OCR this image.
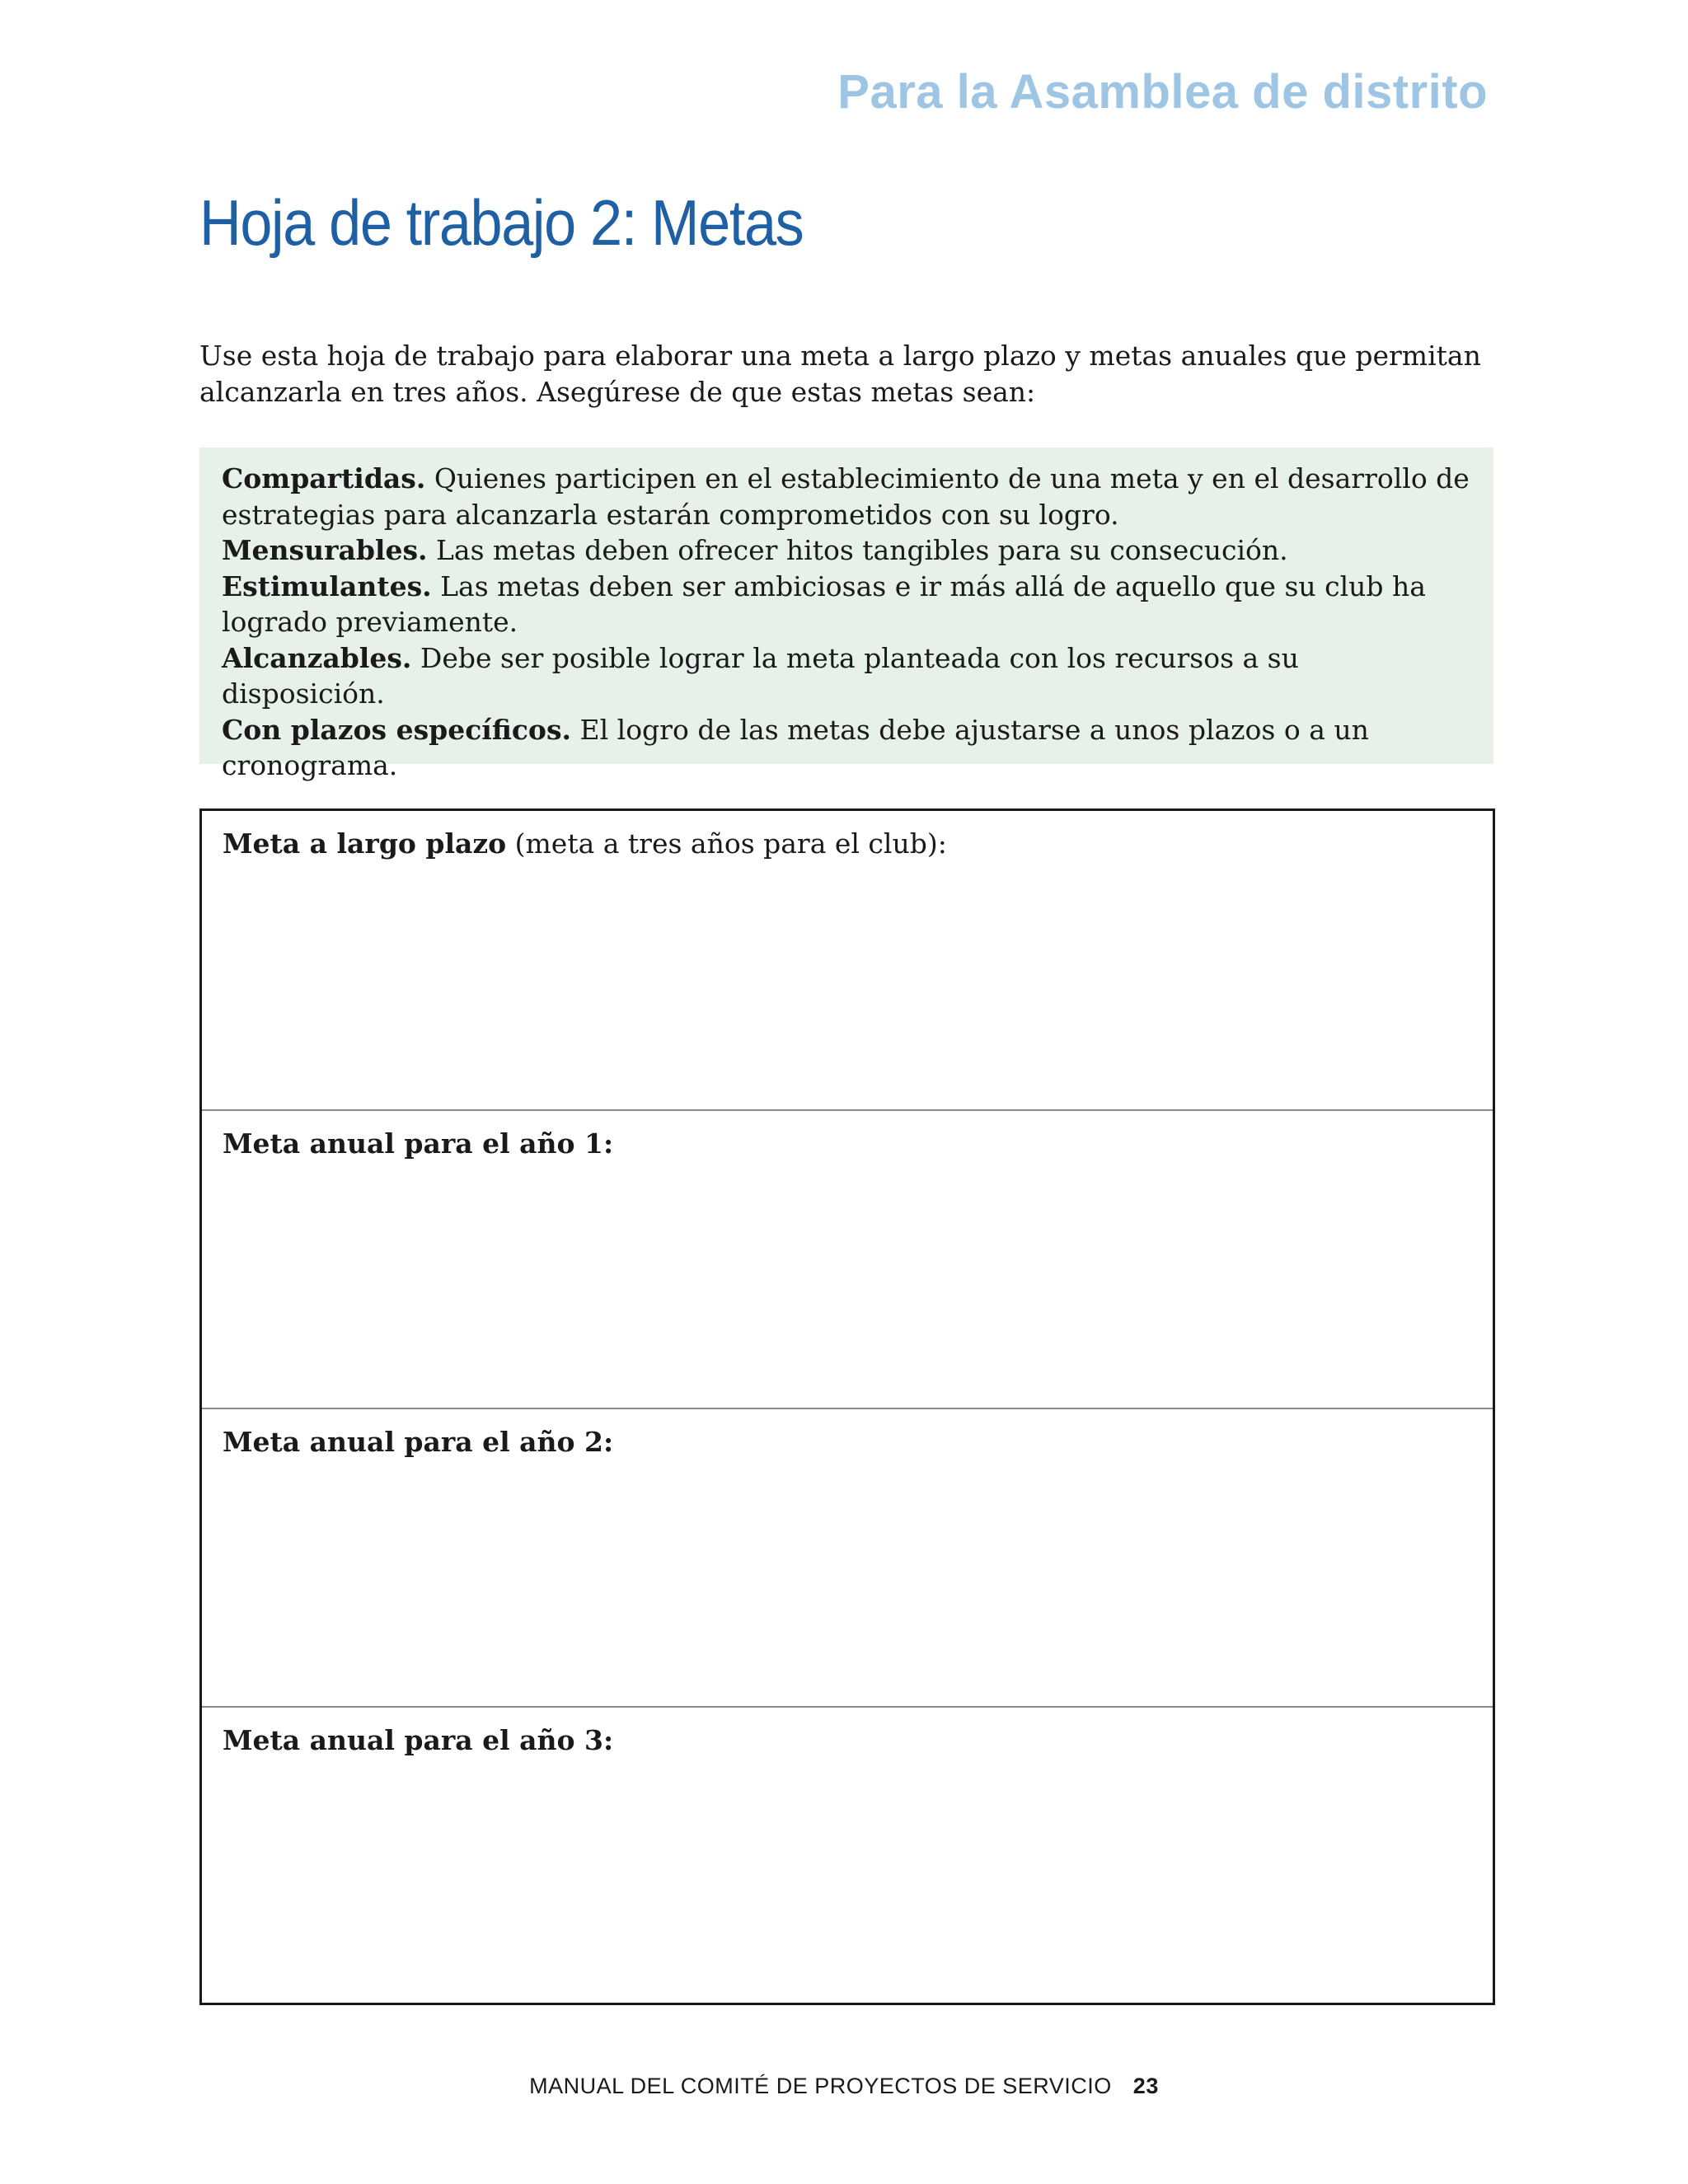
Para la Asamblea de distrito
Hoja de trabajo 2: Metas

Use esta hoja de trabajo para elaborar una meta a largo plazo y metas anuales que permitan alcanzarla en tres años. Asegúrese de que estas metas sean:

Compartidas. Quienes participen en el establecimiento de una meta y en el desarrollo de estrategias para alcanzarla estarán comprometidos con su logro.

Mensurables. Las metas deben ofrecer hitos tangibles para su consecución.

Estimulantes. Las metas deben ser ambiciosas e ir más allá de aquello que su club ha logrado previamente.

Alcanzables. Debe ser posible lograr la meta planteada con los recursos a su disposición.

Con plazos específicos. El logro de las metas debe ajustarse a unos plazos o a un cronograma.

Meta a largo plazo (meta a tres años para el club):
Meta anual para el año 1:
Meta anual para el año 2:
Meta anual para el año 3:
MANUAL DEL COMITÉ DE PROYECTOS DE SERVICIO 23
